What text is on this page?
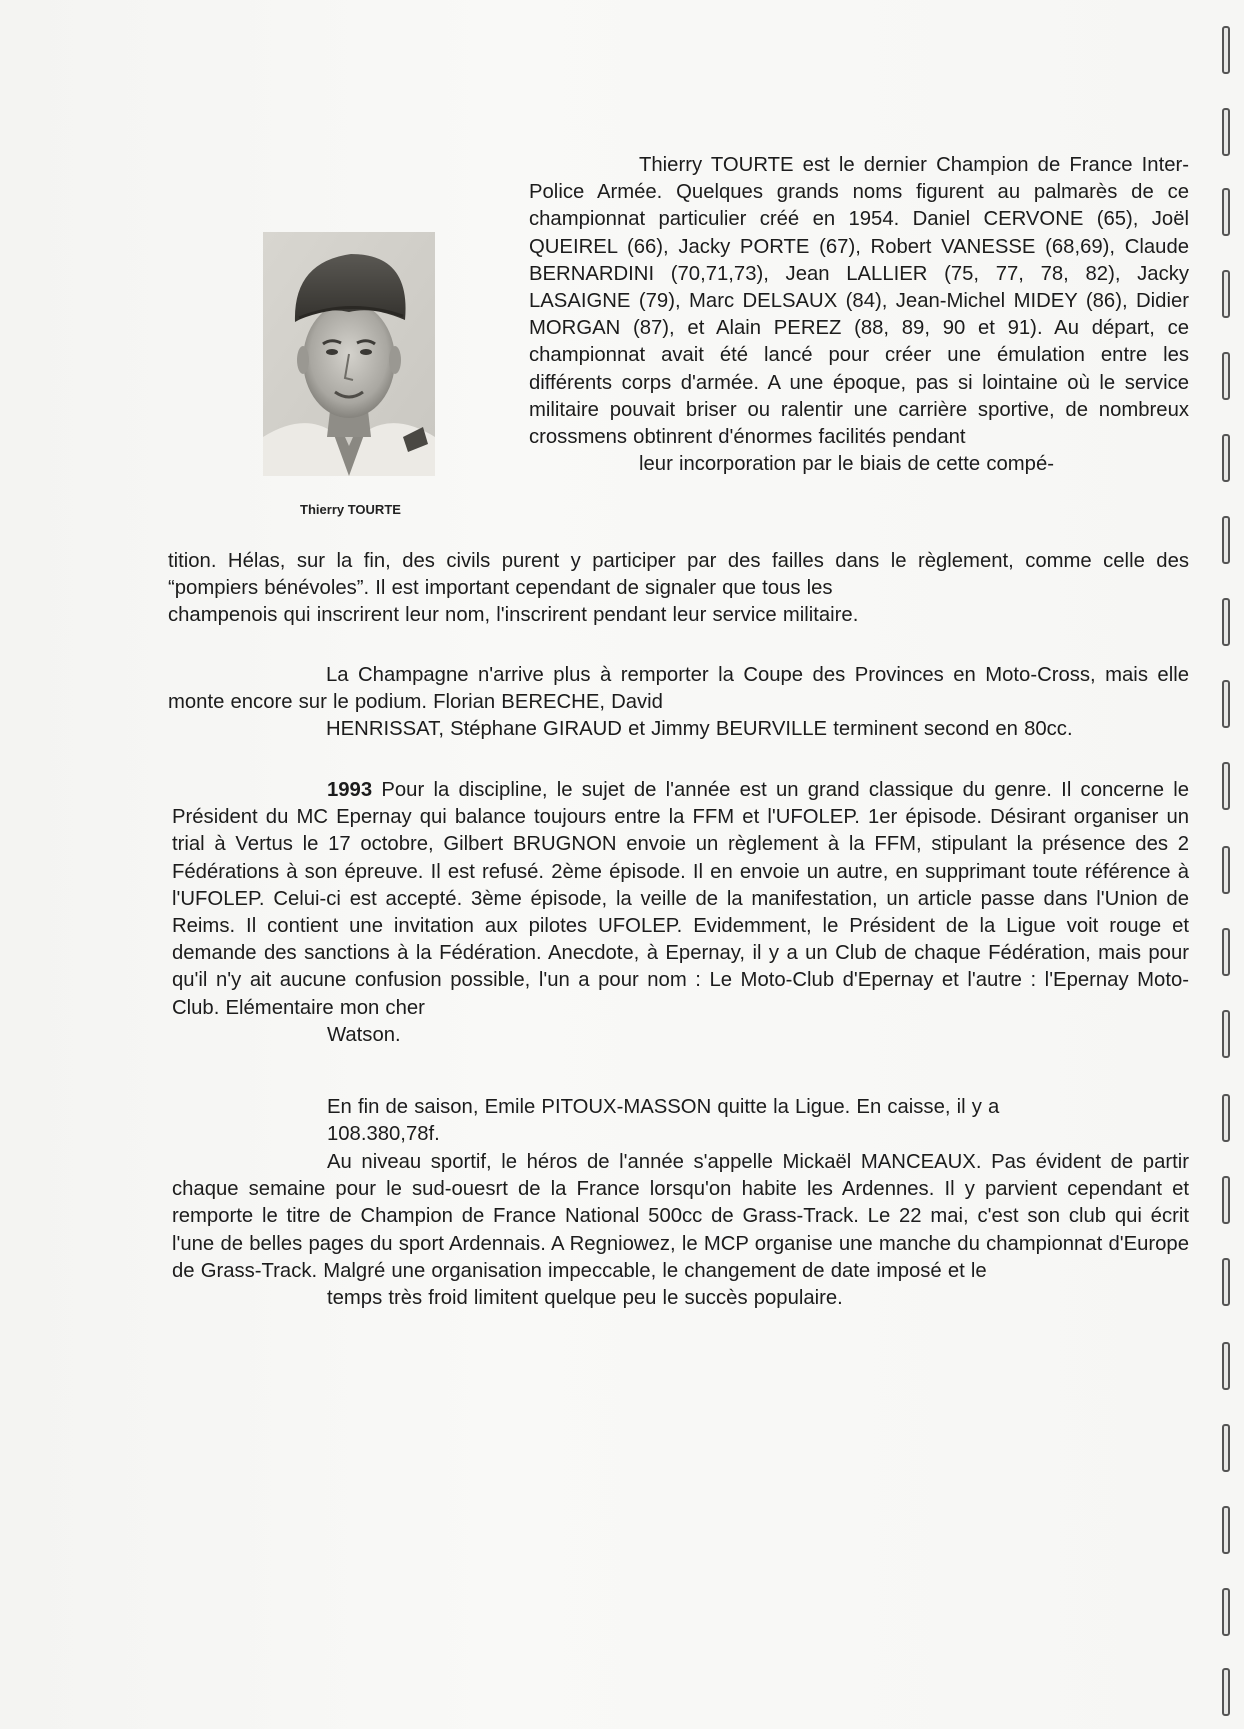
Thierry TOURTE

Thierry TOURTE est le dernier Champion de France Inter-Police Armée. Quelques grands noms figurent au palmarès de ce championnat particulier créé en 1954. Daniel CERVONE (65), Joël QUEIREL (66), Jacky PORTE (67), Robert VANESSE (68,69), Claude BERNARDINI (70,71,73), Jean LALLIER (75, 77, 78, 82), Jacky LASAIGNE (79), Marc DELSAUX (84), Jean-Michel MIDEY (86), Didier MORGAN (87), et Alain PEREZ (88, 89, 90 et 91). Au départ, ce championnat avait été lancé pour créer une émulation entre les différents corps d'armée. A une époque, pas si lointaine où le service militaire pouvait briser ou ralentir une carrière sportive, de nombreux crossmens obtinrent d'énormes facilités pendant
leur incorporation par le biais de cette compé-

tition. Hélas, sur la fin, des civils purent y participer par des failles dans le règlement, comme celle des “pompiers bénévoles”. Il est important cependant de signaler que tous les
champenois qui inscrirent leur nom, l'inscrirent pendant leur service militaire.

La Champagne n'arrive plus à remporter la Coupe des Provinces en Moto-Cross, mais elle monte encore sur le podium. Florian BERECHE, David
HENRISSAT, Stéphane GIRAUD et Jimmy BEURVILLE terminent second en 80cc.

1993 Pour la discipline, le sujet de l'année est un grand classique du genre. Il concerne le Président du MC Epernay qui balance toujours entre la FFM et l'UFOLEP. 1er épisode. Désirant organiser un trial à Vertus le 17 octobre, Gilbert BRUGNON envoie un règlement à la FFM, stipulant la présence des 2 Fédérations à son épreuve. Il est refusé. 2ème épisode. Il en envoie un autre, en supprimant toute référence à l'UFOLEP. Celui-ci est accepté. 3ème épisode, la veille de la manifestation, un article passe dans l'Union de Reims. Il contient une invitation aux pilotes UFOLEP. Evidemment, le Président de la Ligue voit rouge et demande des sanctions à la Fédération. Anecdote, à Epernay, il y a un Club de chaque Fédération, mais pour qu'il n'y ait aucune confusion possible, l'un a pour nom : Le Moto-Club d'Epernay et l'autre : l'Epernay Moto-Club. Elémentaire mon cher
Watson.

En fin de saison, Emile PITOUX-MASSON quitte la Ligue. En caisse, il y a
108.380,78f.

Au niveau sportif, le héros de l'année s'appelle Mickaël MANCEAUX. Pas évident de partir chaque semaine pour le sud-ouesrt de la France lorsqu'on habite les Ardennes. Il y parvient cependant et remporte le titre de Champion de France National 500cc de Grass-Track. Le 22 mai, c'est son club qui écrit l'une de belles pages du sport Ardennais. A Regniowez, le MCP organise une manche du championnat d'Europe de Grass-Track. Malgré une organisation impeccable, le changement de date imposé et le
temps très froid limitent quelque peu le succès populaire.
